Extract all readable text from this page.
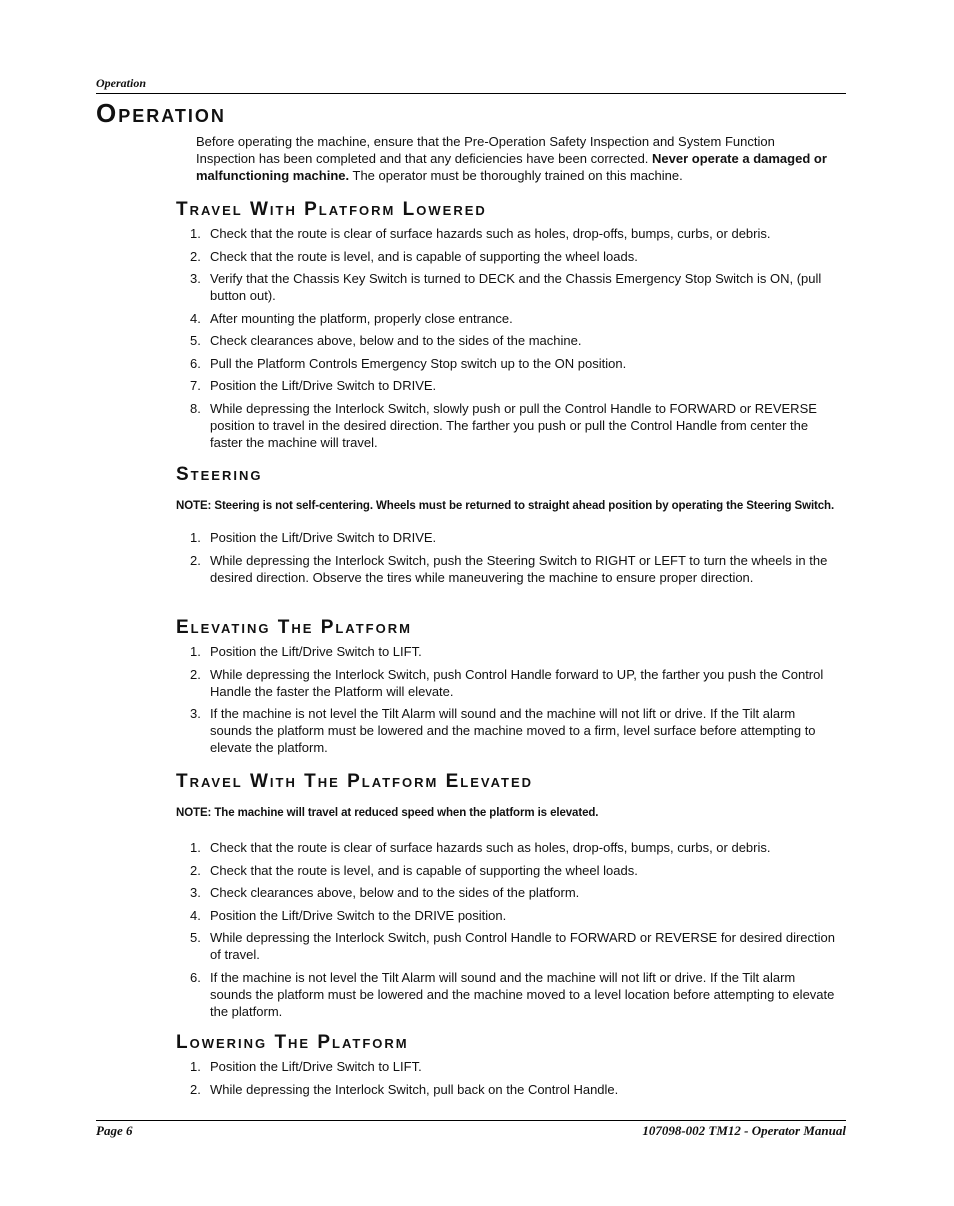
Operation
Operation

Before operating the machine, ensure that the Pre-Operation Safety Inspection and System Function Inspection has been completed and that any deficiencies have been corrected. Never operate a damaged or malfunctioning machine. The operator must be thoroughly trained on this machine.

Travel With Platform Lowered
1. Check that the route is clear of surface hazards such as holes, drop-offs, bumps, curbs, or debris.
2. Check that the route is level, and is capable of supporting the wheel loads.
3. Verify that the Chassis Key Switch is turned to DECK and the Chassis Emergency Stop Switch is ON, (pull button out).
4. After mounting the platform, properly close entrance.
5. Check clearances above, below and to the sides of the machine.
6. Pull the Platform Controls Emergency Stop switch up to the ON position.
7. Position the Lift/Drive Switch to DRIVE.
8. While depressing the Interlock Switch, slowly push or pull the Control Handle to FORWARD or REVERSE position to travel in the desired direction. The farther you push or pull the Control Handle from center the faster the machine will travel.
Steering

NOTE: Steering is not self-centering. Wheels must be returned to straight ahead position by operating the Steering Switch.

1. Position the Lift/Drive Switch to DRIVE.
2. While depressing the Interlock Switch, push the Steering Switch to RIGHT or LEFT to turn the wheels in the desired direction. Observe the tires while maneuvering the machine to ensure proper direction.
Elevating The Platform
1. Position the Lift/Drive Switch to LIFT.
2. While depressing the Interlock Switch, push Control Handle forward to UP, the farther you push the Control Handle the faster the Platform will elevate.
3. If the machine is not level the Tilt Alarm will sound and the machine will not lift or drive. If the Tilt alarm sounds the platform must be lowered and the machine moved to a firm, level surface before attempting to elevate the platform.
Travel With The Platform Elevated

NOTE: The machine will travel at reduced speed when the platform is elevated.

1. Check that the route is clear of surface hazards such as holes, drop-offs, bumps, curbs, or debris.
2. Check that the route is level, and is capable of supporting the wheel loads.
3. Check clearances above, below and to the sides of the platform.
4. Position the Lift/Drive Switch to the DRIVE position.
5. While depressing the Interlock Switch, push Control Handle to FORWARD or REVERSE for desired direction of travel.
6. If the machine is not level the Tilt Alarm will sound and the machine will not lift or drive. If the Tilt alarm sounds the platform must be lowered and the machine moved to a level location before attempting to elevate the platform.
Lowering The Platform
1. Position the Lift/Drive Switch to LIFT.
2. While depressing the Interlock Switch, pull back on the Control Handle.
Page 6	107098-002 TM12 - Operator Manual
